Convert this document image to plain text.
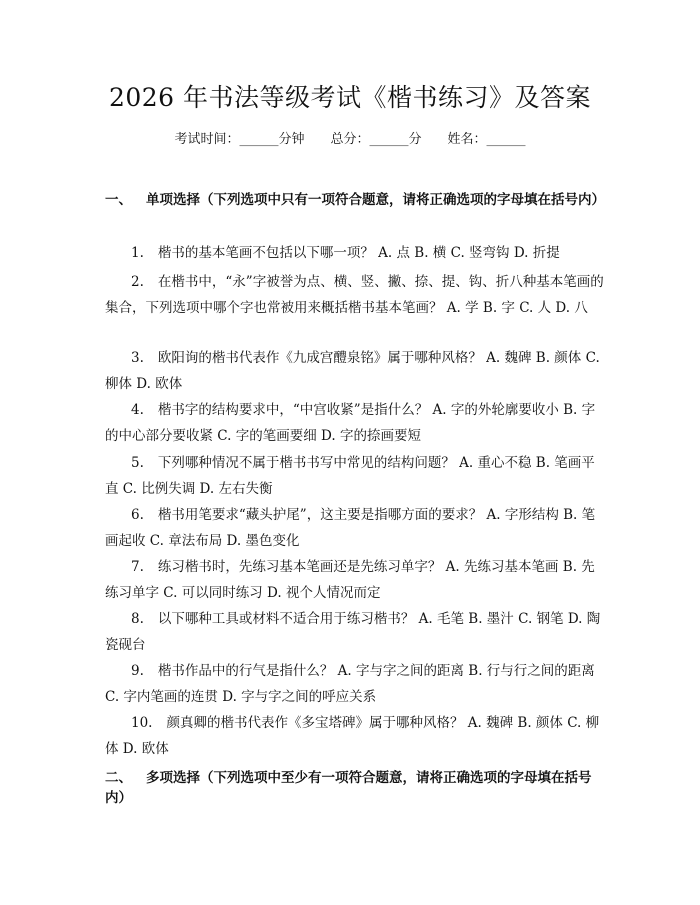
2026 年书法等级考试《楷书练习》及答案
考试时间：______分钟 总分：______分 姓名：______
一、 单项选择（下列选项中只有一项符合题意，请将正确选项的字母填在括号内）
1. 楷书的基本笔画不包括以下哪一项？ A. 点 B. 横 C. 竖弯钩 D. 折提
2. 在楷书中，“永”字被誉为点、横、竖、撇、捺、提、钩、折八种基本笔画的集合，下列选项中哪个字也常被用来概括楷书基本笔画？ A. 学 B. 字 C. 人 D. 八
3. 欧阳询的楷书代表作《九成宫醴泉铭》属于哪种风格？ A. 魏碑 B. 颜体 C. 柳体 D. 欧体
4. 楷书字的结构要求中，“中宫收紧”是指什么？ A. 字的外轮廓要收小 B. 字的中心部分要收紧 C. 字的笔画要细 D. 字的捺画要短
5. 下列哪种情况不属于楷书书写中常见的结构问题？ A. 重心不稳 B. 笔画平直 C. 比例失调 D. 左右失衡
6. 楷书用笔要求“藏头护尾”，这主要是指哪方面的要求？ A. 字形结构 B. 笔画起收 C. 章法布局 D. 墨色变化
7. 练习楷书时，先练习基本笔画还是先练习单字？ A. 先练习基本笔画 B. 先练习单字 C. 可以同时练习 D. 视个人情况而定
8. 以下哪种工具或材料不适合用于练习楷书？ A. 毛笔 B. 墨汁 C. 钢笔 D. 陶瓷砚台
9. 楷书作品中的行气是指什么？ A. 字与字之间的距离 B. 行与行之间的距离 C. 字内笔画的连贯 D. 字与字之间的呼应关系
10. 颜真卿的楷书代表作《多宝塔碑》属于哪种风格？ A. 魏碑 B. 颜体 C. 柳体 D. 欧体
二、 多项选择（下列选项中至少有一项符合题意，请将正确选项的字母填在括号内）
